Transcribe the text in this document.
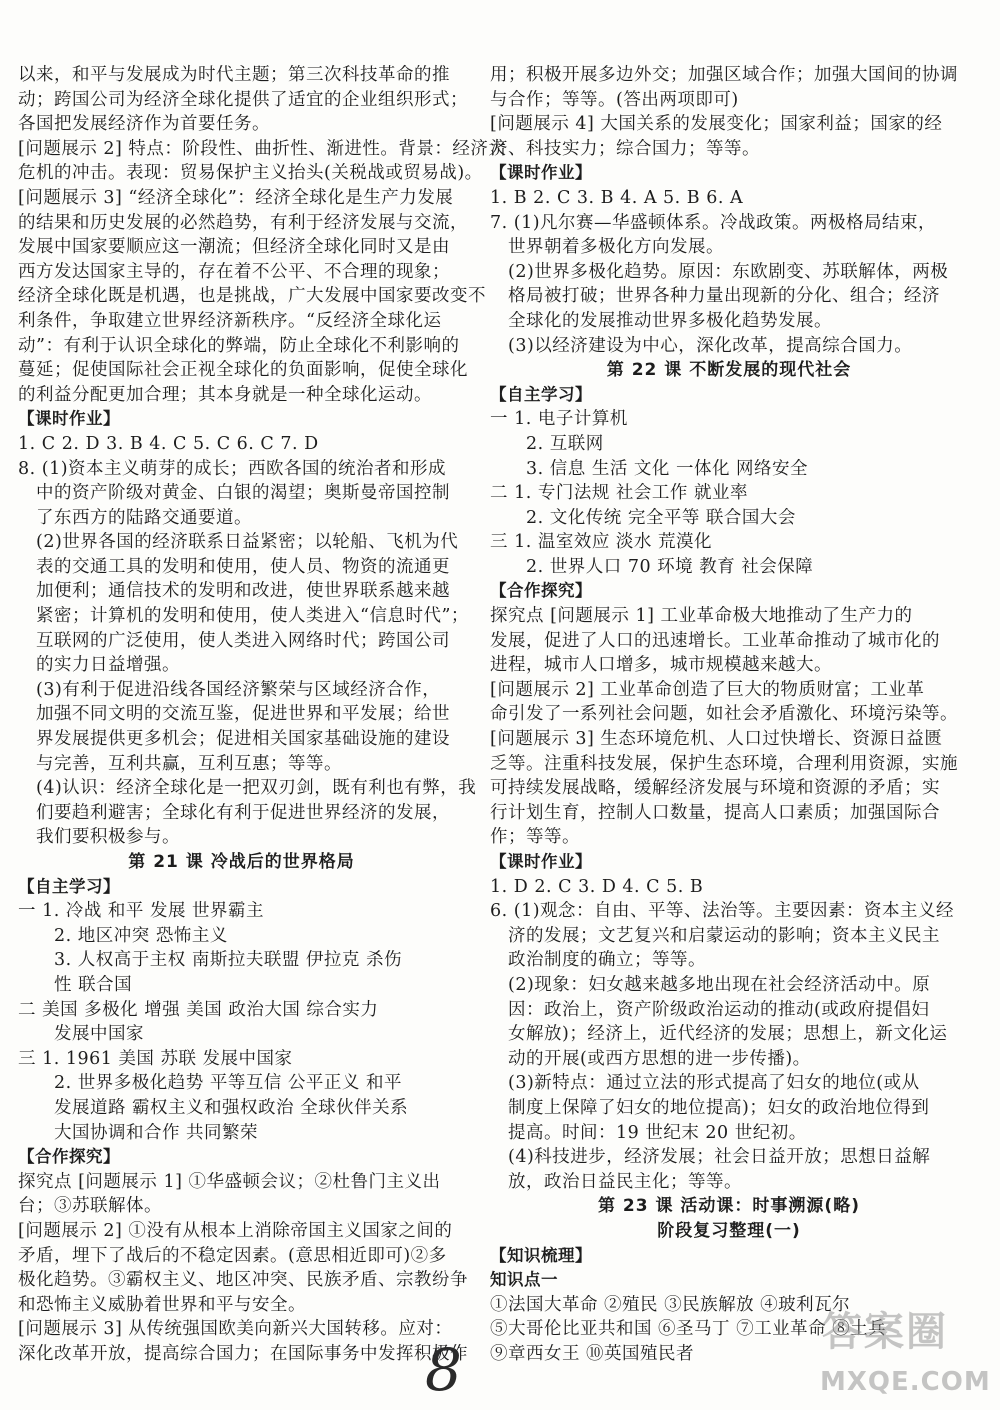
以来，和平与发展成为时代主题；第三次科技革命的推
动；跨国公司为经济全球化提供了适宜的企业组织形式；
各国把发展经济作为首要任务。
[问题展示 2] 特点：阶段性、曲折性、渐进性。背景：经济大
危机的冲击。表现：贸易保护主义抬头(关税战或贸易战)。
[问题展示 3] “经济全球化”：经济全球化是生产力发展
的结果和历史发展的必然趋势，有利于经济发展与交流，
发展中国家要顺应这一潮流；但经济全球化同时又是由
西方发达国家主导的，存在着不公平、不合理的现象；
经济全球化既是机遇，也是挑战，广大发展中国家要改变不
利条件，争取建立世界经济新秩序。“反经济全球化运
动”：有利于认识全球化的弊端，防止全球化不利影响的
蔓延；促使国际社会正视全球化的负面影响，促使全球化
的利益分配更加合理；其本身就是一种全球化运动。
【课时作业】
1. C 2. D 3. B 4. C 5. C 6. C 7. D
8. (1)资本主义萌芽的成长；西欧各国的统治者和形成
中的资产阶级对黄金、白银的渴望；奥斯曼帝国控制
了东西方的陆路交通要道。
(2)世界各国的经济联系日益紧密；以轮船、飞机为代
表的交通工具的发明和使用，使人员、物资的流通更
加便利；通信技术的发明和改进，使世界联系越来越
紧密；计算机的发明和使用，使人类进入“信息时代”；
互联网的广泛使用，使人类进入网络时代；跨国公司
的实力日益增强。
(3)有利于促进沿线各国经济繁荣与区域经济合作，
加强不同文明的交流互鉴，促进世界和平发展；给世
界发展提供更多机会；促进相关国家基础设施的建设
与完善，互利共赢，互利互惠；等等。
(4)认识：经济全球化是一把双刃剑，既有利也有弊，我
们要趋利避害；全球化有利于促进世界经济的发展，
我们要积极参与。
第 21 课 冷战后的世界格局
【自主学习】
一 1. 冷战 和平 发展 世界霸主
2. 地区冲突 恐怖主义
3. 人权高于主权 南斯拉夫联盟 伊拉克 杀伤
性 联合国
二 美国 多极化 增强 美国 政治大国 综合实力
发展中国家
三 1. 1961 美国 苏联 发展中国家
2. 世界多极化趋势 平等互信 公平正义 和平
发展道路 霸权主义和强权政治 全球伙伴关系
大国协调和合作 共同繁荣
【合作探究】
探究点 [问题展示 1] ①华盛顿会议；②杜鲁门主义出
台；③苏联解体。
[问题展示 2] ①没有从根本上消除帝国主义国家之间的
矛盾，埋下了战后的不稳定因素。(意思相近即可)②多
极化趋势。③霸权主义、地区冲突、民族矛盾、宗教纷争
和恐怖主义威胁着世界和平与安全。
[问题展示 3] 从传统强国欧美向新兴大国转移。应对：
深化改革开放，提高综合国力；在国际事务中发挥积极作
用；积极开展多边外交；加强区域合作；加强大国间的协调
与合作；等等。(答出两项即可)
[问题展示 4] 大国关系的发展变化；国家利益；国家的经
济、科技实力；综合国力；等等。
【课时作业】
1. B 2. C 3. B 4. A 5. B 6. A
7. (1)凡尔赛—华盛顿体系。冷战政策。两极格局结束，
世界朝着多极化方向发展。
(2)世界多极化趋势。原因：东欧剧变、苏联解体，两极
格局被打破；世界各种力量出现新的分化、组合；经济
全球化的发展推动世界多极化趋势发展。
(3)以经济建设为中心，深化改革，提高综合国力。
第 22 课 不断发展的现代社会
【自主学习】
一 1. 电子计算机
2. 互联网
3. 信息 生活 文化 一体化 网络安全
二 1. 专门法规 社会工作 就业率
2. 文化传统 完全平等 联合国大会
三 1. 温室效应 淡水 荒漠化
2. 世界人口 70 环境 教育 社会保障
【合作探究】
探究点 [问题展示 1] 工业革命极大地推动了生产力的
发展，促进了人口的迅速增长。工业革命推动了城市化的
进程，城市人口增多，城市规模越来越大。
[问题展示 2] 工业革命创造了巨大的物质财富；工业革
命引发了一系列社会问题，如社会矛盾激化、环境污染等。
[问题展示 3] 生态环境危机、人口过快增长、资源日益匮
乏等。注重科技发展，保护生态环境，合理利用资源，实施
可持续发展战略，缓解经济发展与环境和资源的矛盾；实
行计划生育，控制人口数量，提高人口素质；加强国际合
作；等等。
【课时作业】
1. D 2. C 3. D 4. C 5. B
6. (1)观念：自由、平等、法治等。主要因素：资本主义经
济的发展；文艺复兴和启蒙运动的影响；资本主义民主
政治制度的确立；等等。
(2)现象：妇女越来越多地出现在社会经济活动中。原
因：政治上，资产阶级政治运动的推动(或政府提倡妇
女解放)；经济上，近代经济的发展；思想上，新文化运
动的开展(或西方思想的进一步传播)。
(3)新特点：通过立法的形式提高了妇女的地位(或从
制度上保障了妇女的地位提高)；妇女的政治地位得到
提高。时间：19 世纪末 20 世纪初。
(4)科技进步，经济发展；社会日益开放；思想日益解
放，政治日益民主化；等等。
第 23 课 活动课：时事溯源(略)
阶段复习整理(一)
【知识梳理】
知识点一
①法国大革命 ②殖民 ③民族解放 ④玻利瓦尔
⑤大哥伦比亚共和国 ⑥圣马丁 ⑦工业革命 ⑧土兵
⑨章西女王 ⑩英国殖民者
8
答案圈
MXQE.COM
